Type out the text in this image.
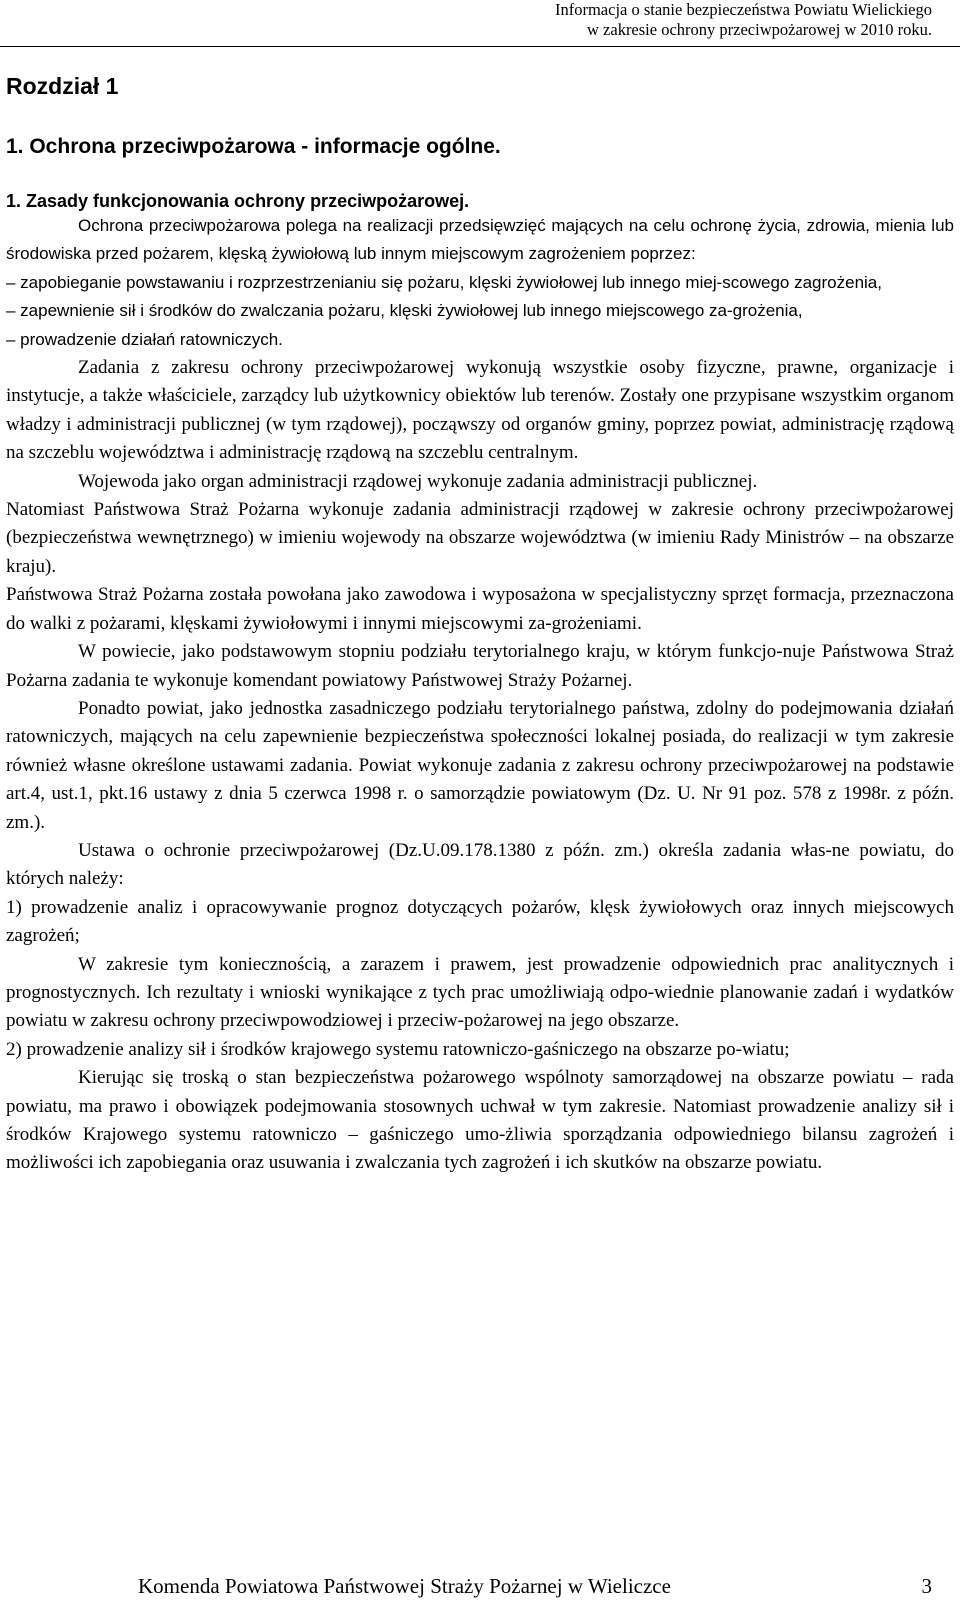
Informacja o stanie bezpieczeństwa Powiatu Wielickiego
w zakresie ochrony przeciwpożarowej w 2010 roku.
Rozdział 1
1. Ochrona przeciwpożarowa - informacje ogólne.
1. Zasady funkcjonowania ochrony przeciwpożarowej.

Ochrona przeciwpożarowa polega na realizacji przedsięwzięć mających na celu ochronę życia, zdrowia, mienia lub środowiska przed pożarem, klęską żywiołową lub innym miejscowym zagrożeniem poprzez:

– zapobieganie powstawaniu i rozprzestrzenianiu się pożaru, klęski żywiołowej lub innego miej-scowego zagrożenia,

– zapewnienie sił i środków do zwalczania pożaru, klęski żywiołowej lub innego miejscowego za-grożenia,

– prowadzenie działań ratowniczych.

Zadania z zakresu ochrony przeciwpożarowej wykonują wszystkie osoby fizyczne, prawne, organizacje i instytucje, a także właściciele, zarządcy lub użytkownicy obiektów lub terenów. Zostały one przypisane wszystkim organom władzy i administracji publicznej (w tym rządowej), począwszy od organów gminy, poprzez powiat, administrację rządową na szczeblu województwa i administrację rządową na szczeblu centralnym.

Wojewoda jako organ administracji rządowej wykonuje zadania administracji publicznej.

Natomiast Państwowa Straż Pożarna wykonuje zadania administracji rządowej w zakresie ochrony przeciwpożarowej (bezpieczeństwa wewnętrznego) w imieniu wojewody na obszarze województwa (w imieniu Rady Ministrów – na obszarze kraju).

Państwowa Straż Pożarna została powołana jako zawodowa i wyposażona w specjalistyczny sprzęt formacja, przeznaczona do walki z pożarami, klęskami żywiołowymi i innymi miejscowymi za-grożeniami.

W powiecie, jako podstawowym stopniu podziału terytorialnego kraju, w którym funkcjo-nuje Państwowa Straż Pożarna zadania te wykonuje komendant powiatowy Państwowej Straży Pożarnej.

Ponadto powiat, jako jednostka zasadniczego podziału terytorialnego państwa, zdolny do podejmowania działań ratowniczych, mających na celu zapewnienie bezpieczeństwa społeczności lokalnej posiada, do realizacji w tym zakresie również własne określone ustawami zadania. Powiat wykonuje zadania z zakresu ochrony przeciwpożarowej na podstawie art.4, ust.1, pkt.16 ustawy z dnia 5 czerwca 1998 r. o samorządzie powiatowym (Dz. U. Nr 91 poz. 578 z 1998r. z późn. zm.).

Ustawa o ochronie przeciwpożarowej (Dz.U.09.178.1380 z późn. zm.) określa zadania włas-ne powiatu, do których należy:

1) prowadzenie analiz i opracowywanie prognoz dotyczących pożarów, klęsk żywiołowych oraz innych miejscowych zagrożeń;

W zakresie tym koniecznością, a zarazem i prawem, jest prowadzenie odpowiednich prac analitycznych i prognostycznych. Ich rezultaty i wnioski wynikające z tych prac umożliwiają odpo-wiednie planowanie zadań i wydatków powiatu w zakresu ochrony przeciwpowodziowej i przeciw-pożarowej na jego obszarze.

2) prowadzenie analizy sił i środków krajowego systemu ratowniczo-gaśniczego na obszarze po-wiatu;

Kierując się troską o stan bezpieczeństwa pożarowego wspólnoty samorządowej na obszarze powiatu – rada powiatu, ma prawo i obowiązek podejmowania stosownych uchwał w tym zakresie. Natomiast prowadzenie analizy sił i środków Krajowego systemu ratowniczo – gaśniczego umo-żliwia sporządzania odpowiedniego bilansu zagrożeń i możliwości ich zapobiegania oraz usuwania i zwalczania tych zagrożeń i ich skutków na obszarze powiatu.

Komenda Powiatowa Państwowej Straży Pożarnej w Wieliczce	3
